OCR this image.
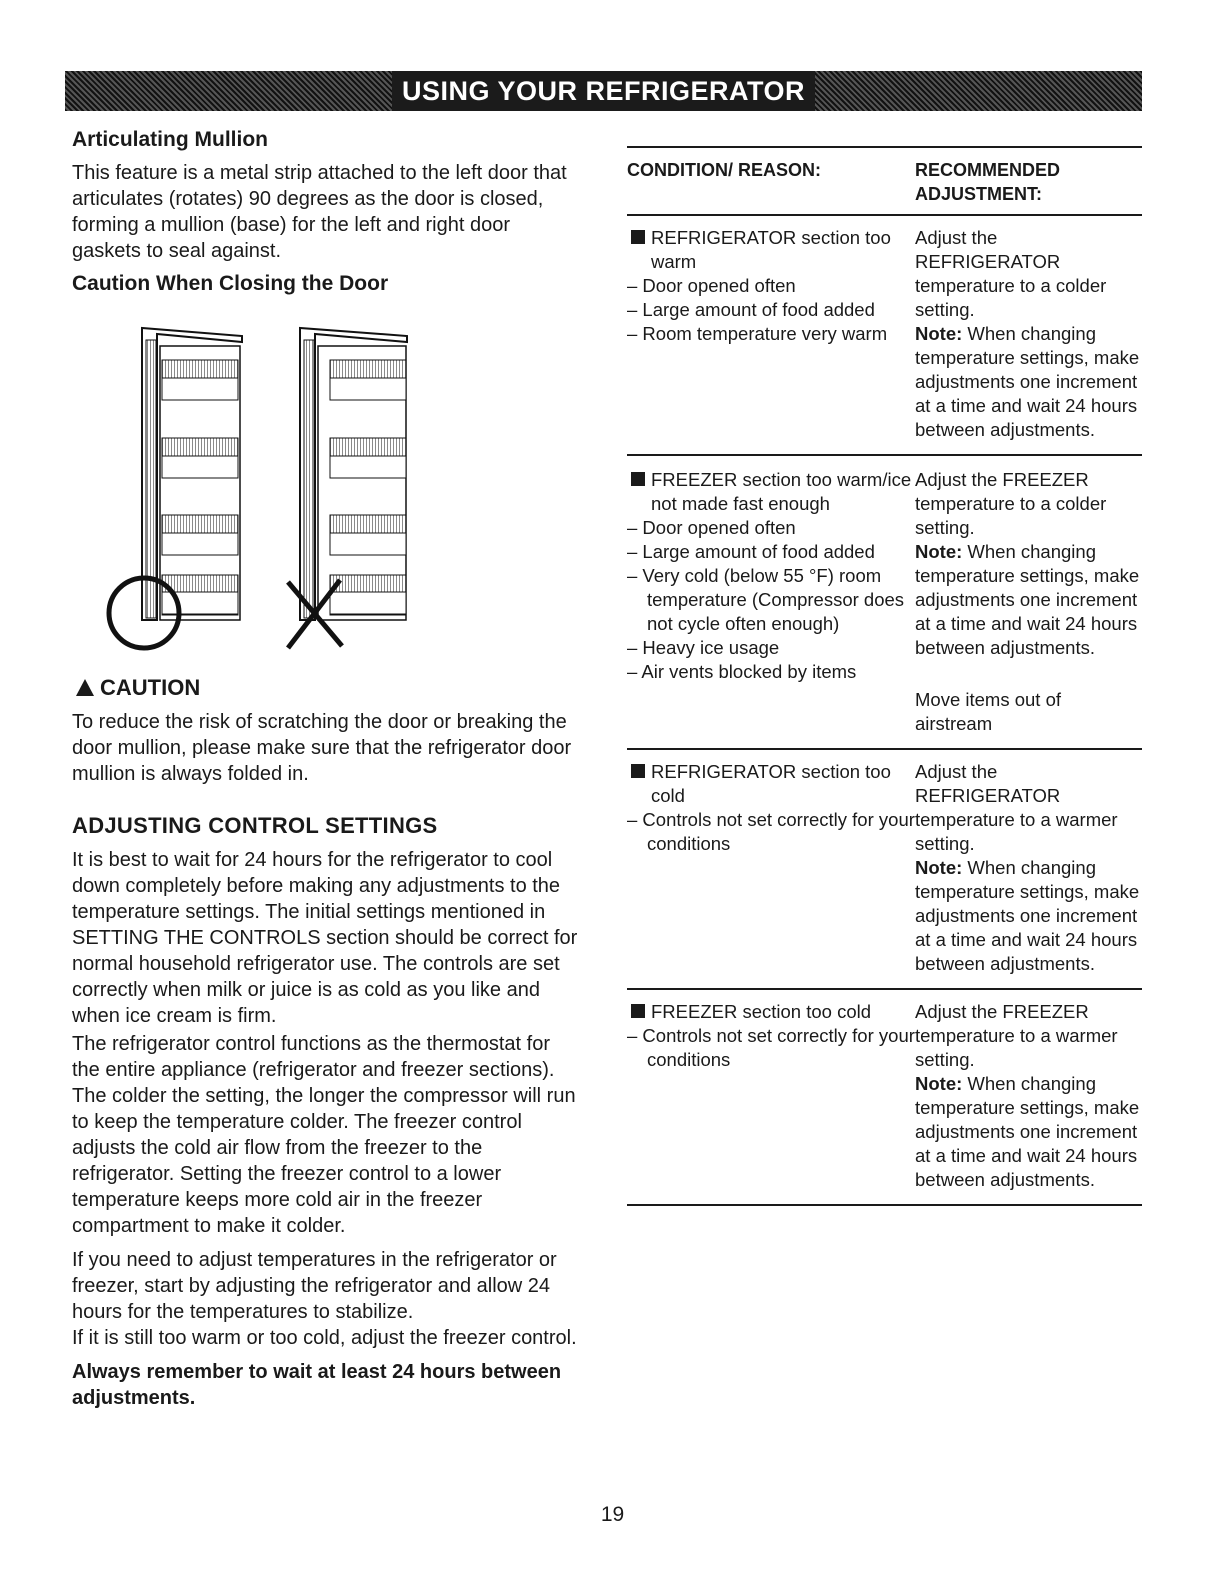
USING YOUR REFRIGERATOR
Articulating Mullion

This feature is a metal strip attached to the left door that articulates (rotates) 90 degrees as the door is closed, forming a mullion (base) for the left and right door gaskets to seal against.

Caution When Closing the Door
CAUTION

To reduce the risk of scratching the door or breaking the door mullion, please make sure that the refrigerator door mullion is always folded in.

ADJUSTING CONTROL SETTINGS

It is best to wait for 24 hours for the refrigerator to cool down completely before making any adjustments to the temperature settings. The initial settings mentioned in SETTING THE CONTROLS section should be correct for normal household refrigerator use. The controls are set correctly when milk or juice is as cold as you like and when ice cream is firm.

The refrigerator control functions as the thermostat for the entire appliance (refrigerator and freezer sections). The colder the setting, the longer the compressor will run to keep the temperature colder. The freezer control adjusts the cold air flow from the freezer to the refrigerator. Setting the freezer control to a lower temperature keeps more cold air in the freezer compartment to make it colder.

If you need to adjust temperatures in the refrigerator or freezer, start by adjusting the refrigerator and allow 24 hours for the temperatures to stabilize.

If it is still too warm or too cold, adjust the freezer control.

Always remember to wait at least 24 hours between adjustments.
CONDITION/ REASON:	RECOMMENDED ADJUSTMENT:
REFRIGERATOR section too warm
– Door opened often
– Large amount of food added
– Room temperature very warm
Adjust the REFRIGERATOR temperature to a colder setting.
Note: When changing temperature settings, make adjustments one increment at a time and wait 24 hours between adjustments.
FREEZER section too warm/ice not made fast enough
– Door opened often
– Large amount of food added
– Very cold (below 55 °F) room temperature (Compressor does not cycle often enough)
– Heavy ice usage
– Air vents blocked by items
Adjust the FREEZER temperature to a colder setting.
Note: When changing temperature settings, make adjustments one increment at a time and wait 24 hours between adjustments.
Move items out of airstream
REFRIGERATOR section too cold
– Controls not set correctly for your conditions
Adjust the REFRIGERATOR temperature to a warmer setting.
Note: When changing temperature settings, make adjustments one increment at a time and wait 24 hours between adjustments.
FREEZER section too cold
– Controls not set correctly for your conditions
Adjust the FREEZER temperature to a warmer setting.
Note: When changing temperature settings, make adjustments one increment at a time and wait 24 hours between adjustments.
19
